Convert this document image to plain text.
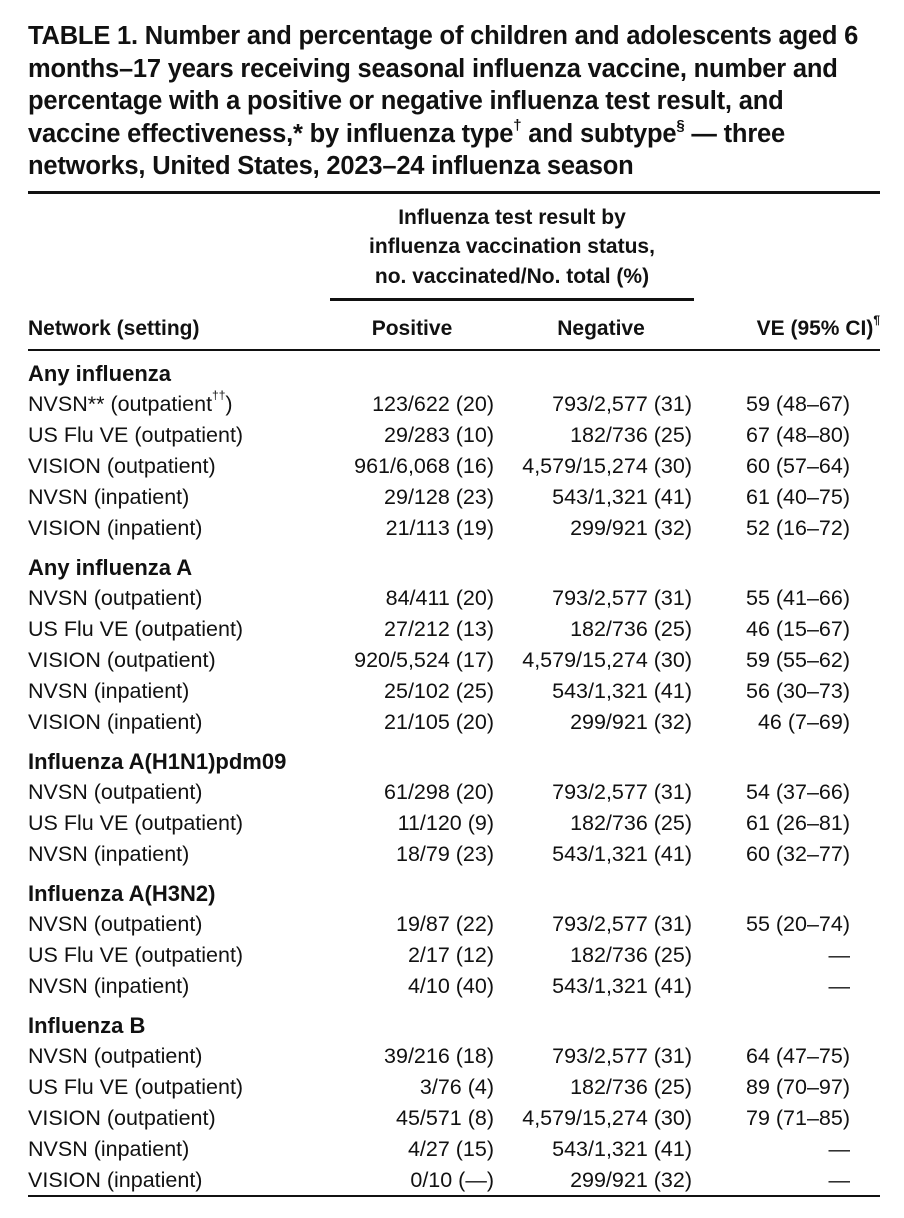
TABLE 1. Number and percentage of children and adolescents aged 6 months–17 years receiving seasonal influenza vaccine, number and percentage with a positive or negative influenza test result, and vaccine effectiveness,* by influenza type† and subtype§ — three networks, United States, 2023–24 influenza season
Influenza test result by
influenza vaccination status,
no. vaccinated/No. total (%)
Network (setting)	Positive	Negative	VE (95% CI)¶
Any influenza
NVSN** (outpatient††)	123/622 (20)	793/2,577 (31)	59 (48–67)
US Flu VE (outpatient)	29/283 (10)	182/736 (25)	67 (48–80)
VISION (outpatient)	961/6,068 (16)	4,579/15,274 (30)	60 (57–64)
NVSN (inpatient)	29/128 (23)	543/1,321 (41)	61 (40–75)
VISION (inpatient)	21/113 (19)	299/921 (32)	52 (16–72)
Any influenza A
NVSN (outpatient)	84/411 (20)	793/2,577 (31)	55 (41–66)
US Flu VE (outpatient)	27/212 (13)	182/736 (25)	46 (15–67)
VISION (outpatient)	920/5,524 (17)	4,579/15,274 (30)	59 (55–62)
NVSN (inpatient)	25/102 (25)	543/1,321 (41)	56 (30–73)
VISION (inpatient)	21/105 (20)	299/921 (32)	46 (7–69)
Influenza A(H1N1)pdm09
NVSN (outpatient)	61/298 (20)	793/2,577 (31)	54 (37–66)
US Flu VE (outpatient)	11/120 (9)	182/736 (25)	61 (26–81)
NVSN (inpatient)	18/79 (23)	543/1,321 (41)	60 (32–77)
Influenza A(H3N2)
NVSN (outpatient)	19/87 (22)	793/2,577 (31)	55 (20–74)
US Flu VE (outpatient)	2/17 (12)	182/736 (25)	—
NVSN (inpatient)	4/10 (40)	543/1,321 (41)	—
Influenza B
NVSN (outpatient)	39/216 (18)	793/2,577 (31)	64 (47–75)
US Flu VE (outpatient)	3/76 (4)	182/736 (25)	89 (70–97)
VISION (outpatient)	45/571 (8)	4,579/15,274 (30)	79 (71–85)
NVSN (inpatient)	4/27 (15)	543/1,321 (41)	—
VISION (inpatient)	0/10 (—)	299/921 (32)	—
